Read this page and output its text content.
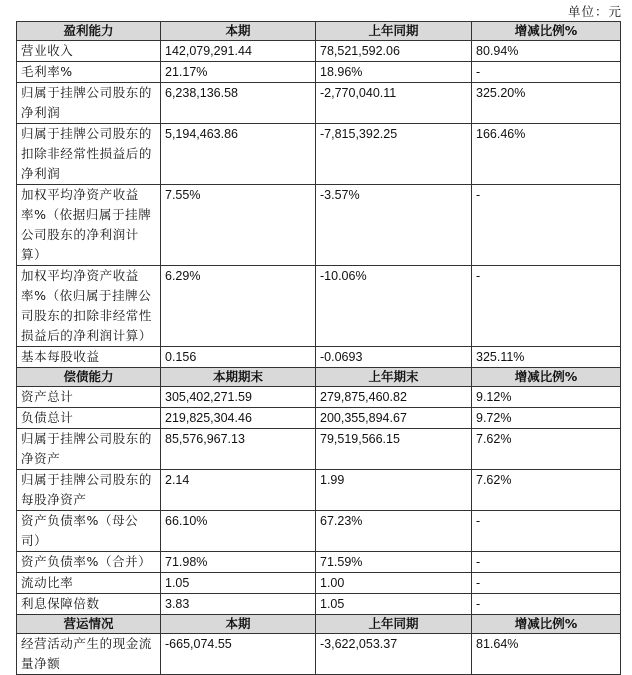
单位：元
盈利能力	本期	上年同期	增减比例%
营业收入	142,079,291.44	78,521,592.06	80.94%
毛利率%	21.17%	18.96%	-
归属于挂牌公司股东的净利润	6,238,136.58	-2,770,040.11	325.20%
归属于挂牌公司股东的扣除非经常性损益后的净利润	5,194,463.86	-7,815,392.25	166.46%
加权平均净资产收益率%（依据归属于挂牌公司股东的净利润计算）	7.55%	-3.57%	-
加权平均净资产收益率%（依归属于挂牌公司股东的扣除非经常性损益后的净利润计算）	6.29%	-10.06%	-
基本每股收益	0.156	-0.0693	325.11%
偿债能力	本期期末	上年期末	增减比例%
资产总计	305,402,271.59	279,875,460.82	9.12%
负债总计	219,825,304.46	200,355,894.67	9.72%
归属于挂牌公司股东的净资产	85,576,967.13	79,519,566.15	7.62%
归属于挂牌公司股东的每股净资产	2.14	1.99	7.62%
资产负债率%（母公司）	66.10%	67.23%	-
资产负债率%（合并）	71.98%	71.59%	-
流动比率	1.05	1.00	-
利息保障倍数	3.83	1.05	-
营运情况	本期	上年同期	增减比例%
经营活动产生的现金流量净额	-665,074.55	-3,622,053.37	81.64%
